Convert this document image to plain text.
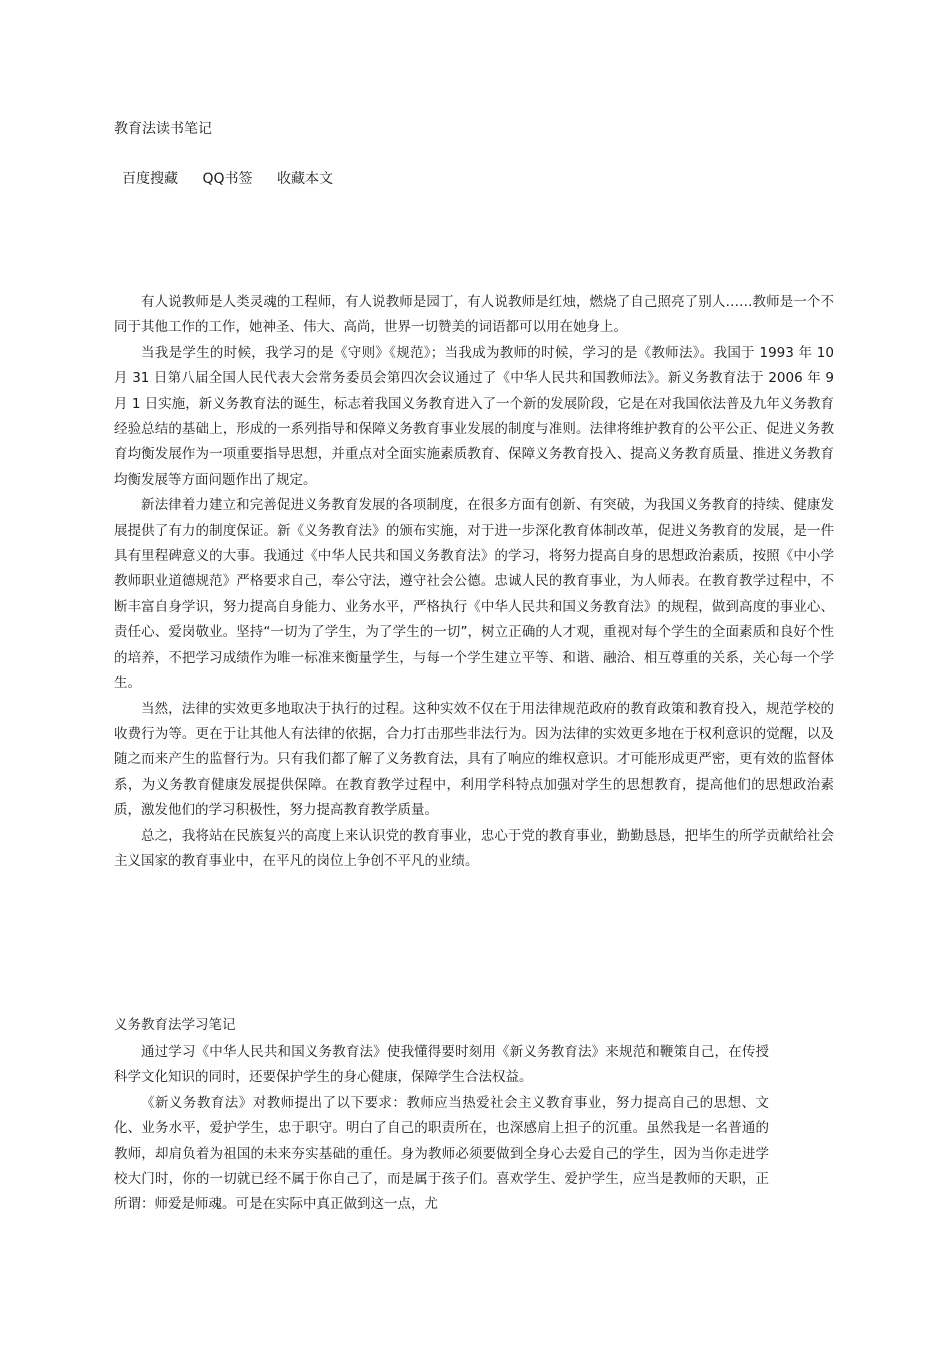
教育法读书笔记
百度搜藏 QQ书签 收藏本文

有人说教师是人类灵魂的工程师，有人说教师是园丁，有人说教师是红烛，燃烧了自己照亮了别人……教师是一个不同于其他工作的工作，她神圣、伟大、高尚，世界一切赞美的词语都可以用在她身上。

当我是学生的时候，我学习的是《守则》《规范》；当我成为教师的时候，学习的是《教师法》。我国于 1993 年 10 月 31 日第八届全国人民代表大会常务委员会第四次会议通过了《中华人民共和国教师法》。新义务教育法于 2006 年 9 月 1 日实施，新义务教育法的诞生，标志着我国义务教育进入了一个新的发展阶段，它是在对我国依法普及九年义务教育经验总结的基础上，形成的一系列指导和保障义务教育事业发展的制度与准则。法律将维护教育的公平公正、促进义务教育均衡发展作为一项重要指导思想，并重点对全面实施素质教育、保障义务教育投入、提高义务教育质量、推进义务教育均衡发展等方面问题作出了规定。

新法律着力建立和完善促进义务教育发展的各项制度，在很多方面有创新、有突破，为我国义务教育的持续、健康发展提供了有力的制度保证。新《义务教育法》的颁布实施，对于进一步深化教育体制改革，促进义务教育的发展，是一件具有里程碑意义的大事。我通过《中华人民共和国义务教育法》的学习，将努力提高自身的思想政治素质，按照《中小学教师职业道德规范》严格要求自己，奉公守法，遵守社会公德。忠诚人民的教育事业，为人师表。在教育教学过程中，不断丰富自身学识，努力提高自身能力、业务水平，严格执行《中华人民共和国义务教育法》的规程，做到高度的事业心、责任心、爱岗敬业。坚持“一切为了学生，为了学生的一切”，树立正确的人才观，重视对每个学生的全面素质和良好个性的培养，不把学习成绩作为唯一标准来衡量学生，与每一个学生建立平等、和谐、融洽、相互尊重的关系，关心每一个学生。

当然，法律的实效更多地取决于执行的过程。这种实效不仅在于用法律规范政府的教育政策和教育投入，规范学校的收费行为等。更在于让其他人有法律的依据，合力打击那些非法行为。因为法律的实效更多地在于权利意识的觉醒，以及随之而来产生的监督行为。只有我们都了解了义务教育法，具有了响应的维权意识。才可能形成更严密，更有效的监督体系，为义务教育健康发展提供保障。在教育教学过程中，利用学科特点加强对学生的思想教育，提高他们的思想政治素质，激发他们的学习积极性，努力提高教育教学质量。

总之，我将站在民族复兴的高度上来认识党的教育事业，忠心于党的教育事业，勤勤恳恳，把毕生的所学贡献给社会主义国家的教育事业中，在平凡的岗位上争创不平凡的业绩。

义务教育法学习笔记

通过学习《中华人民共和国义务教育法》使我懂得要时刻用《新义务教育法》来规范和鞭策自己，在传授科学文化知识的同时，还要保护学生的身心健康，保障学生合法权益。

《新义务教育法》对教师提出了以下要求：教师应当热爱社会主义教育事业，努力提高自己的思想、文化、业务水平，爱护学生，忠于职守。明白了自己的职责所在，也深感肩上担子的沉重。虽然我是一名普通的教师，却肩负着为祖国的未来夯实基础的重任。身为教师必须要做到全身心去爱自己的学生，因为当你走进学校大门时，你的一切就已经不属于你自己了，而是属于孩子们。喜欢学生、爱护学生，应当是教师的天职，正所谓：师爱是师魂。可是在实际中真正做到这一点，尤
